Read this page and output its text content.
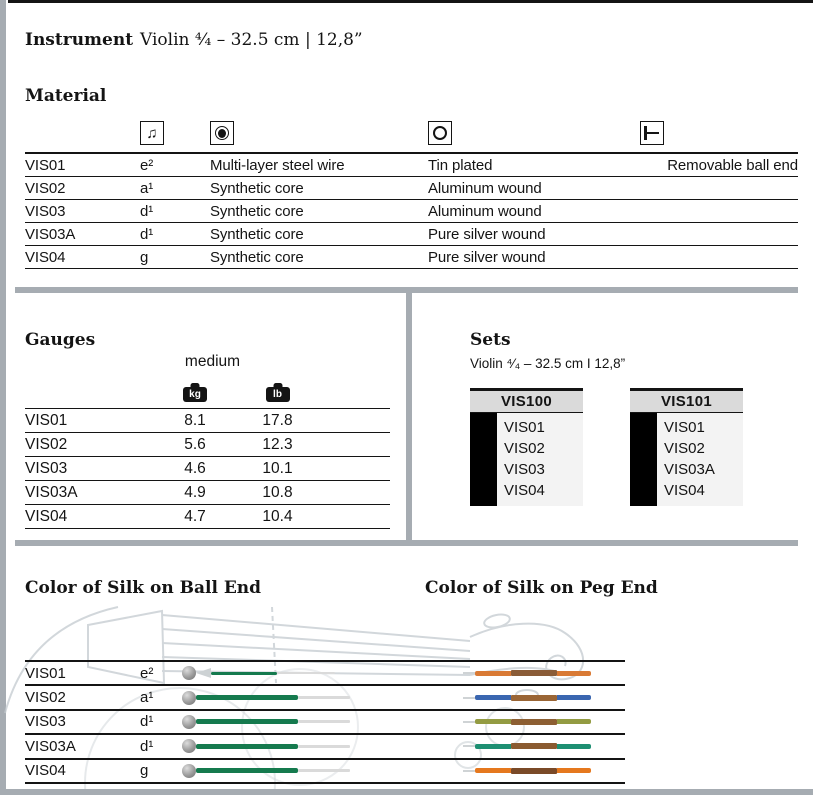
Instrument Violin ⁴⁄₄ – 32.5 cm | 12,8”
Material
♫
VIS01	e²	Multi-layer steel wire	Tin plated	Removable ball end
VIS02	a¹	Synthetic core	Aluminum wound
VIS03	d¹	Synthetic core	Aluminum wound
VIS03A	d¹	Synthetic core	Pure silver wound
VIS04	g	Synthetic core	Pure silver wound
Gauges
medium
kg	lb
VIS01	8.1	17.8
VIS02	5.6	12.3
VIS03	4.6	10.1
VIS03A	4.9	10.8
VIS04	4.7	10.4
Sets
Violin ⁴⁄₄ – 32.5 cm I 12,8”
VIS100
VIS01
VIS02
VIS03
VIS04
VIS101
VIS01
VIS02
VIS03A
VIS04
Color of Silk on Ball End	Color of Silk on Peg End
VIS01	e²
VIS02	a¹
VIS03	d¹
VIS03A	d¹
VIS04	g
